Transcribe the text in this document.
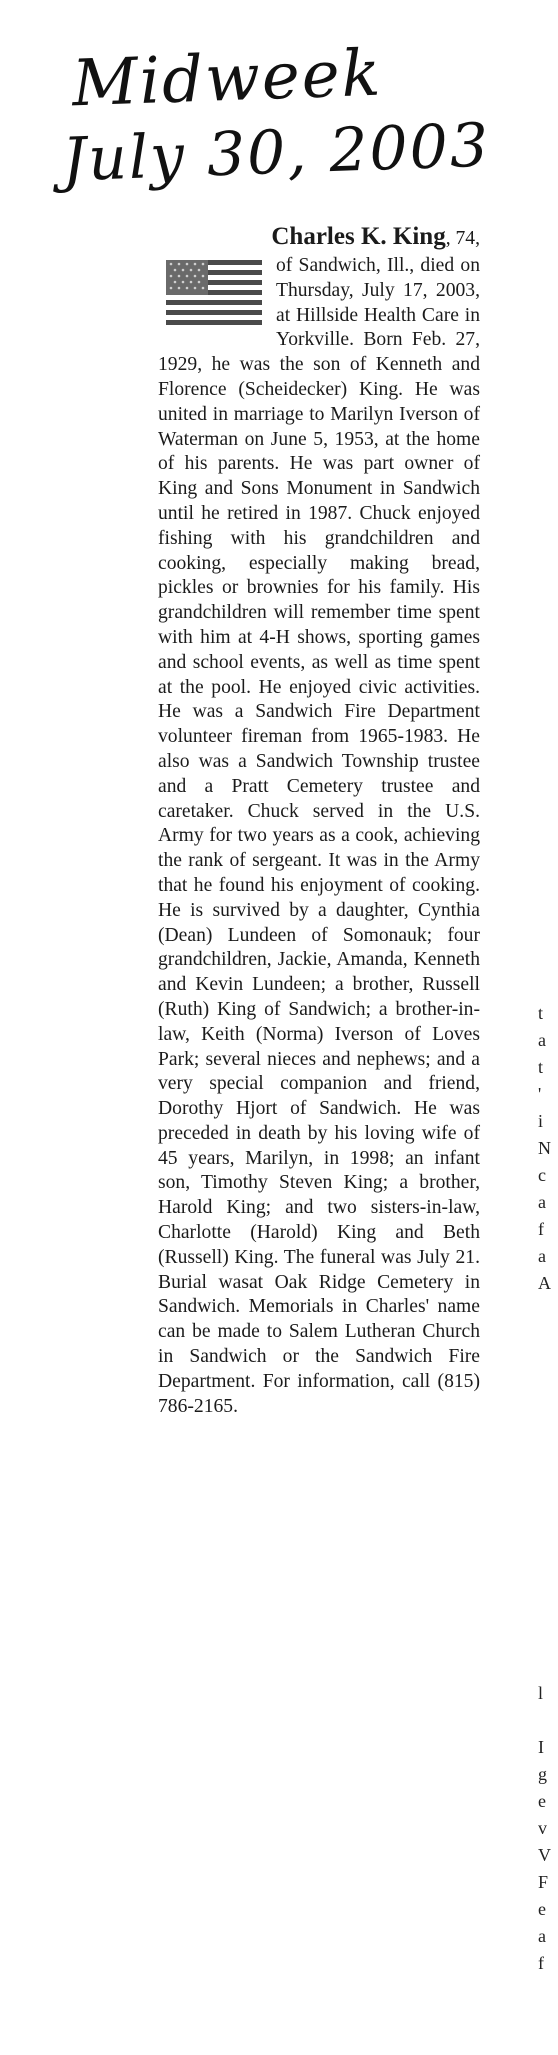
Midweek
July 30, 2003

Charles K. King, 74,

of Sandwich, Ill., died on Thursday, July 17, 2003, at Hillside Health Care in Yorkville. Born Feb. 27, 1929, he was the son of Kenneth and Florence (Scheidecker) King. He was united in marriage to Marilyn Iverson of Waterman on June 5, 1953, at the home of his parents. He was part owner of King and Sons Monument in Sandwich until he retired in 1987. Chuck enjoyed fishing with his grandchildren and cooking, especially making bread, pickles or brownies for his family. His grandchildren will remember time spent with him at 4-H shows, sporting games and school events, as well as time spent at the pool. He enjoyed civic activities. He was a Sandwich Fire Department volunteer fireman from 1965-1983. He also was a Sandwich Township trustee and a Pratt Cemetery trustee and caretaker. Chuck served in the U.S. Army for two years as a cook, achieving the rank of sergeant. It was in the Army that he found his enjoyment of cooking. He is survived by a daughter, Cynthia (Dean) Lundeen of Somonauk; four grandchildren, Jackie, Amanda, Kenneth and Kevin Lundeen; a brother, Russell (Ruth) King of Sandwich; a brother-in-law, Keith (Norma) Iverson of Loves Park; several nieces and nephews; and a very special companion and friend, Dorothy Hjort of Sandwich. He was preceded in death by his loving wife of 45 years, Marilyn, in 1998; an infant son, Timothy Steven King; a brother, Harold King; and two sisters-in-law, Charlotte (Harold) King and Beth (Russell) King. The funeral was July 21. Burial wasat Oak Ridge Cemetery in Sandwich. Memorials in Charles' name can be made to Salem Lutheran Church in Sandwich or the Sandwich Fire Department. For information, call (815) 786-2165.

t
a
t
'
i
N
c
a
f
a
A
l
I
g
e
v
V
F
e
a
f
